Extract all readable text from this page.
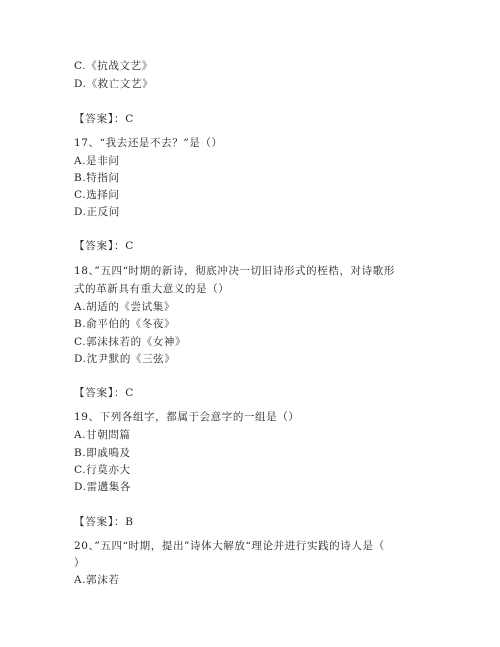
C.《抗战文艺》
D.《救亡文艺》
【答案】：C
17、“我去还是不去？”是（）
A.是非问
B.特指问
C.选择问
D.正反问
【答案】：C
18、”五四“时期的新诗，彻底冲决一切旧诗形式的桎梏，对诗歌形
式的革新具有重大意义的是（）
A.胡适的《尝试集》
B.俞平伯的《冬夜》
C.郭沫抹若的《女神》
D.沈尹默的《三弦》
【答案】：C
19、下列各组字，都属于会意字的一组是（）
A.甘朝問篇
B.即戚鳴及
C.行莫亦大
D.雷遘集各
【答案】：B
20、”五四“时期，提出”诗体大解放“理论并进行实践的诗人是（
）
A.郭沫若
